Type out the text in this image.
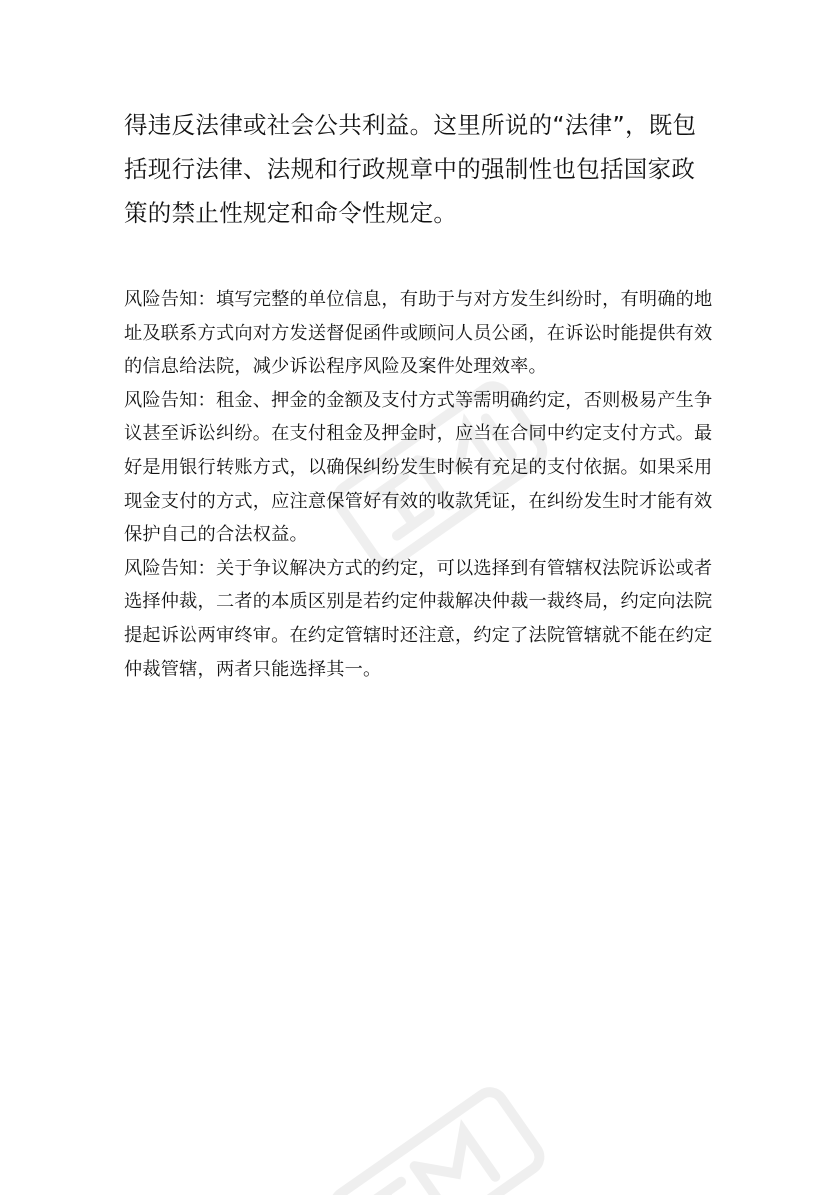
得违反法律或社会公共利益。这里所说的“法律”，既包括现行法律、法规和行政规章中的强制性也包括国家政策的禁止性规定和命令性规定。

风险告知：填写完整的单位信息，有助于与对方发生纠纷时，有明确的地址及联系方式向对方发送督促函件或顾问人员公函，在诉讼时能提供有效的信息给法院，减少诉讼程序风险及案件处理效率。

风险告知：租金、押金的金额及支付方式等需明确约定，否则极易产生争议甚至诉讼纠纷。在支付租金及押金时，应当在合同中约定支付方式。最好是用银行转账方式，以确保纠纷发生时候有充足的支付依据。如果采用现金支付的方式，应注意保管好有效的收款凭证，在纠纷发生时才能有效保护自己的合法权益。

风险告知：关于争议解决方式的约定，可以选择到有管辖权法院诉讼或者选择仲裁，二者的本质区别是若约定仲裁解决仲裁一裁终局，约定向法院提起诉讼两审终审。在约定管辖时还注意，约定了法院管辖就不能在约定仲裁管辖，两者只能选择其一。
